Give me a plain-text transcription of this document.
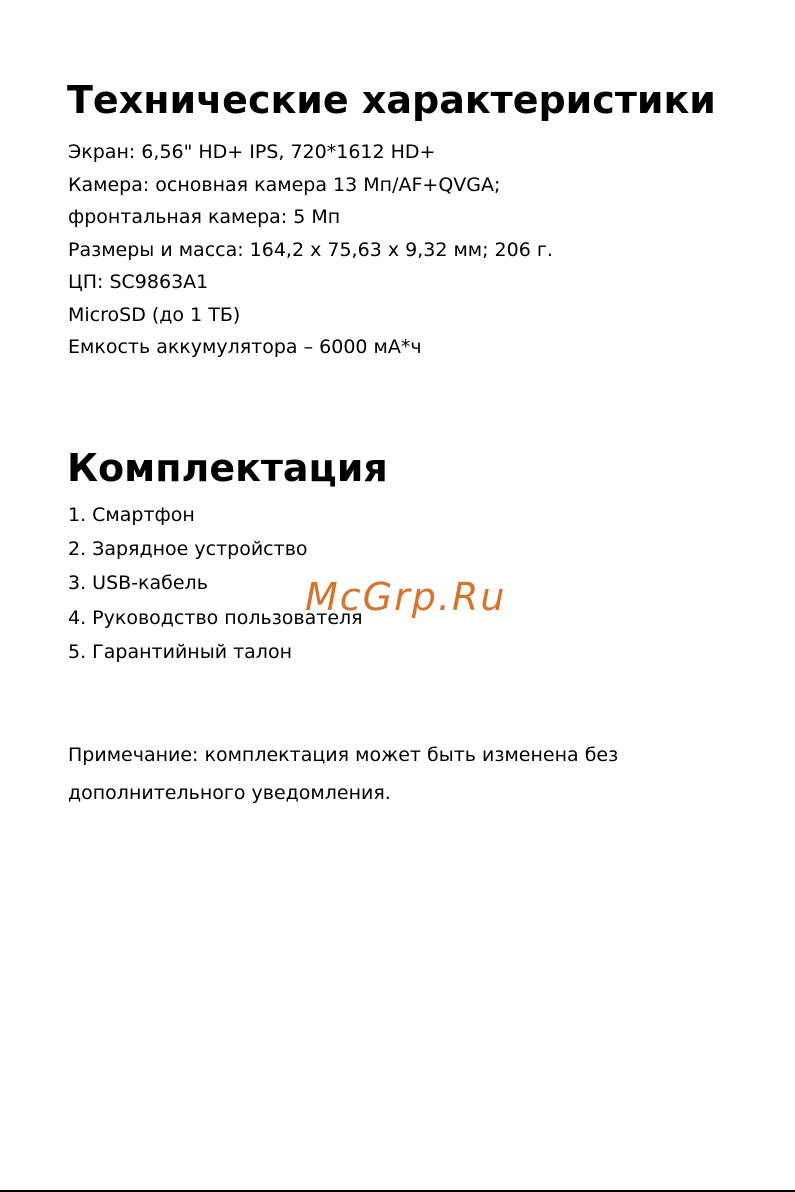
Технические характеристики
Экран: 6,56" HD+ IPS, 720*1612 HD+
Камера: основная камера 13 Мп/AF+QVGA;
фронтальная камера: 5 Мп
Размеры и масса: 164,2 x 75,63 x 9,32 мм; 206 г.
ЦП: SC9863A1
MicroSD (до 1 ТБ)
Емкость аккумулятора – 6000 мА*ч
Комплектация
1. Смартфон
2. Зарядное устройство
3. USB-кабель
4. Руководство пользователя
5. Гарантийный талон
Примечание: комплектация может быть изменена без
дополнительного уведомления.
McGrp.Ru
